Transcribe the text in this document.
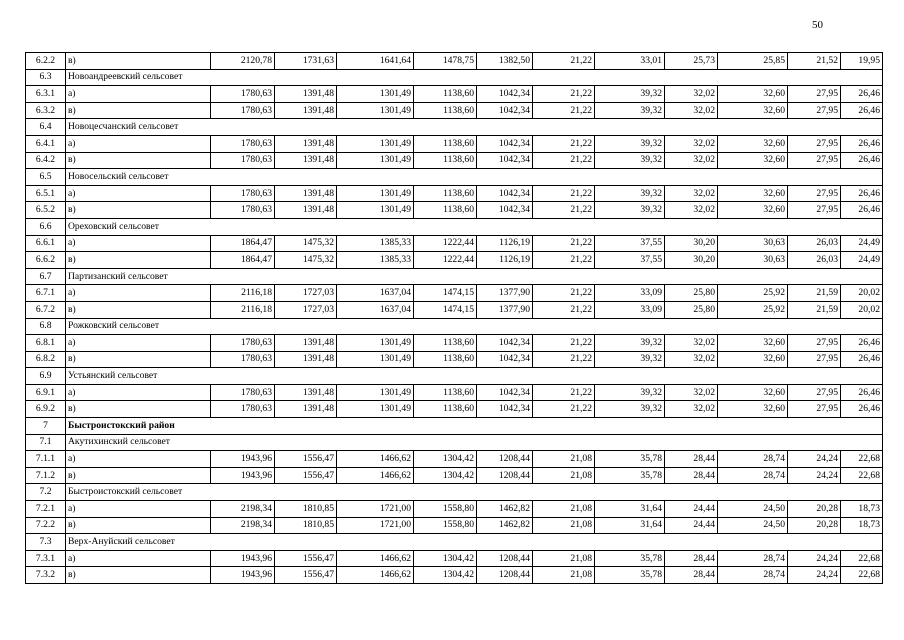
50
6.2.2	в)	2120,78	1731,63	1641,64	1478,75	1382,50	21,22	33,01	25,73	25,85	21,52	19,95
6.3	Новоандреевский сельсовет											
6.3.1	а)	1780,63	1391,48	1301,49	1138,60	1042,34	21,22	39,32	32,02	32,60	27,95	26,46
6.3.2	в)	1780,63	1391,48	1301,49	1138,60	1042,34	21,22	39,32	32,02	32,60	27,95	26,46
6.4	Новоцесчанский сельсовет											
6.4.1	а)	1780,63	1391,48	1301,49	1138,60	1042,34	21,22	39,32	32,02	32,60	27,95	26,46
6.4.2	в)	1780,63	1391,48	1301,49	1138,60	1042,34	21,22	39,32	32,02	32,60	27,95	26,46
6.5	Новосельский сельсовет											
6.5.1	а)	1780,63	1391,48	1301,49	1138,60	1042,34	21,22	39,32	32,02	32,60	27,95	26,46
6.5.2	в)	1780,63	1391,48	1301,49	1138,60	1042,34	21,22	39,32	32,02	32,60	27,95	26,46
6.6	Ореховский сельсовет											
6.6.1	а)	1864,47	1475,32	1385,33	1222,44	1126,19	21,22	37,55	30,20	30,63	26,03	24,49
6.6.2	в)	1864,47	1475,32	1385,33	1222,44	1126,19	21,22	37,55	30,20	30,63	26,03	24,49
6.7	Партизанский сельсовет											
6.7.1	а)	2116,18	1727,03	1637,04	1474,15	1377,90	21,22	33,09	25,80	25,92	21,59	20,02
6.7.2	в)	2116,18	1727,03	1637,04	1474,15	1377,90	21,22	33,09	25,80	25,92	21,59	20,02
6.8	Рожковский сельсовет											
6.8.1	а)	1780,63	1391,48	1301,49	1138,60	1042,34	21,22	39,32	32,02	32,60	27,95	26,46
6.8.2	в)	1780,63	1391,48	1301,49	1138,60	1042,34	21,22	39,32	32,02	32,60	27,95	26,46
6.9	Устьянский сельсовет											
6.9.1	а)	1780,63	1391,48	1301,49	1138,60	1042,34	21,22	39,32	32,02	32,60	27,95	26,46
6.9.2	в)	1780,63	1391,48	1301,49	1138,60	1042,34	21,22	39,32	32,02	32,60	27,95	26,46
7	Быстроистокский район											
7.1	Акутихинский сельсовет											
7.1.1	а)	1943,96	1556,47	1466,62	1304,42	1208,44	21,08	35,78	28,44	28,74	24,24	22,68
7.1.2	в)	1943,96	1556,47	1466,62	1304,42	1208,44	21,08	35,78	28,44	28,74	24,24	22,68
7.2	Быстроистокский сельсовет											
7.2.1	а)	2198,34	1810,85	1721,00	1558,80	1462,82	21,08	31,64	24,44	24,50	20,28	18,73
7.2.2	в)	2198,34	1810,85	1721,00	1558,80	1462,82	21,08	31,64	24,44	24,50	20,28	18,73
7.3	Верх-Ануйский сельсовет											
7.3.1	а)	1943,96	1556,47	1466,62	1304,42	1208,44	21,08	35,78	28,44	28,74	24,24	22,68
7.3.2	в)	1943,96	1556,47	1466,62	1304,42	1208,44	21,08	35,78	28,44	28,74	24,24	22,68
